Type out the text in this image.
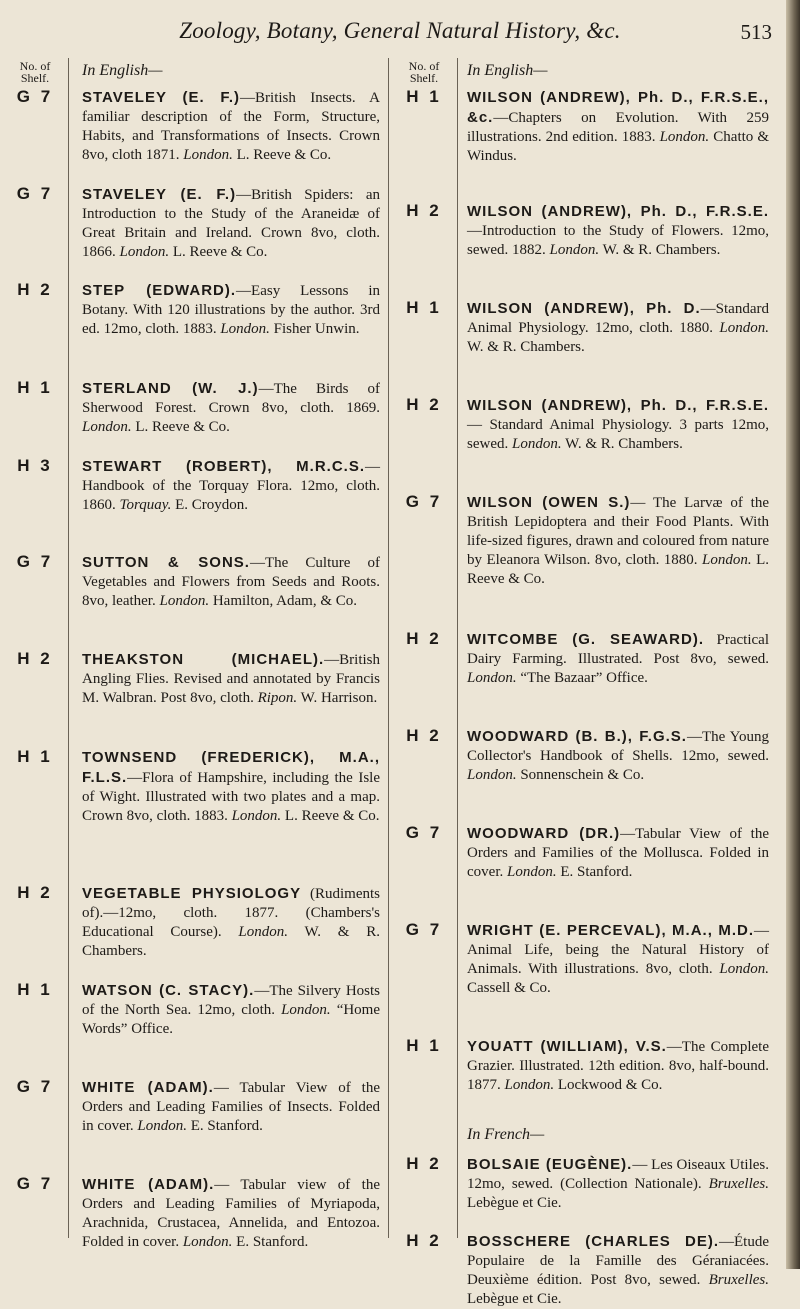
Zoology, Botany, General Natural History, &c.	513
No. of
Shelf.
G 7
G 7
H 2
H 1
H 3
G 7
H 2
H 1
H 2
H 1
G 7
G 7
In English—
STAVELEY (E. F.)—British Insects. A familiar description of the Form, Structure, Habits, and Transformations of Insects. Crown 8vo, cloth 1871. London. L. Reeve & Co.
STAVELEY (E. F.)—British Spiders: an Introduction to the Study of the Araneidæ of Great Britain and Ireland. Crown 8vo, cloth. 1866. London. L. Reeve & Co.
STEP (EDWARD).—Easy Lessons in Botany. With 120 illustrations by the author. 3rd ed. 12mo, cloth. 1883. London. Fisher Unwin.
STERLAND (W. J.)—The Birds of Sherwood Forest. Crown 8vo, cloth. 1869. London. L. Reeve & Co.
STEWART (ROBERT), M.R.C.S.—Handbook of the Torquay Flora. 12mo, cloth. 1860. Torquay. E. Croydon.
SUTTON & SONS.—The Culture of Vegetables and Flowers from Seeds and Roots. 8vo, leather. London. Hamilton, Adam, & Co.
THEAKSTON (MICHAEL).—British Angling Flies. Revised and annotated by Francis M. Walbran. Post 8vo, cloth. Ripon. W. Harrison.
TOWNSEND (FREDERICK), M.A., F.L.S.—Flora of Hampshire, including the Isle of Wight. Illustrated with two plates and a map. Crown 8vo, cloth. 1883. London. L. Reeve & Co.
VEGETABLE PHYSIOLOGY (Rudiments of).—12mo, cloth. 1877. (Chambers's Educational Course). London. W. & R. Chambers.
WATSON (C. STACY).—The Silvery Hosts of the North Sea. 12mo, cloth. London. “Home Words” Office.
WHITE (ADAM).— Tabular View of the Orders and Leading Families of Insects. Folded in cover. London. E. Stanford.
WHITE (ADAM).— Tabular view of the Orders and Leading Families of Myriapoda, Arachnida, Crustacea, Annelida, and Entozoa. Folded in cover. London. E. Stanford.
No. of
Shelf.
H 1
H 2
H 1
H 2
G 7
H 2
H 2
G 7
G 7
H 1
H 2
H 2
In English—
WILSON (ANDREW), Ph. D., F.R.S.E., &c.—Chapters on Evolution. With 259 illustrations. 2nd edition. 1883. London. Chatto & Windus.
WILSON (ANDREW), Ph. D., F.R.S.E.—Introduction to the Study of Flowers. 12mo, sewed. 1882. London. W. & R. Chambers.
WILSON (ANDREW), Ph. D.—Standard Animal Physiology. 12mo, cloth. 1880. London. W. & R. Chambers.
WILSON (ANDREW), Ph. D., F.R.S.E.— Standard Animal Physiology. 3 parts 12mo, sewed. London. W. & R. Chambers.
WILSON (OWEN S.)— The Larvæ of the British Lepidoptera and their Food Plants. With life-sized figures, drawn and coloured from nature by Eleanora Wilson. 8vo, cloth. 1880. London. L. Reeve & Co.
WITCOMBE (G. SEAWARD). Practical Dairy Farming. Illustrated. Post 8vo, sewed. London. “The Bazaar” Office.
WOODWARD (B. B.), F.G.S.—The Young Collector's Handbook of Shells. 12mo, sewed. London. Sonnenschein & Co.
WOODWARD (DR.)—Tabular View of the Orders and Families of the Mollusca. Folded in cover. London. E. Stanford.
WRIGHT (E. PERCEVAL), M.A., M.D.—Animal Life, being the Natural History of Animals. With illustrations. 8vo, cloth. London. Cassell & Co.
YOUATT (WILLIAM), V.S.—The Complete Grazier. Illustrated. 12th edition. 8vo, half-bound. 1877. London. Lockwood & Co.
In French—
BOLSAIE (EUGÈNE).— Les Oiseaux Utiles. 12mo, sewed. (Collection Nationale). Bruxelles. Lebègue et Cie.
BOSSCHERE (CHARLES DE).—Étude Populaire de la Famille des Géraniacées. Deuxième édition. Post 8vo, sewed. Bruxelles. Lebègue et Cie.
